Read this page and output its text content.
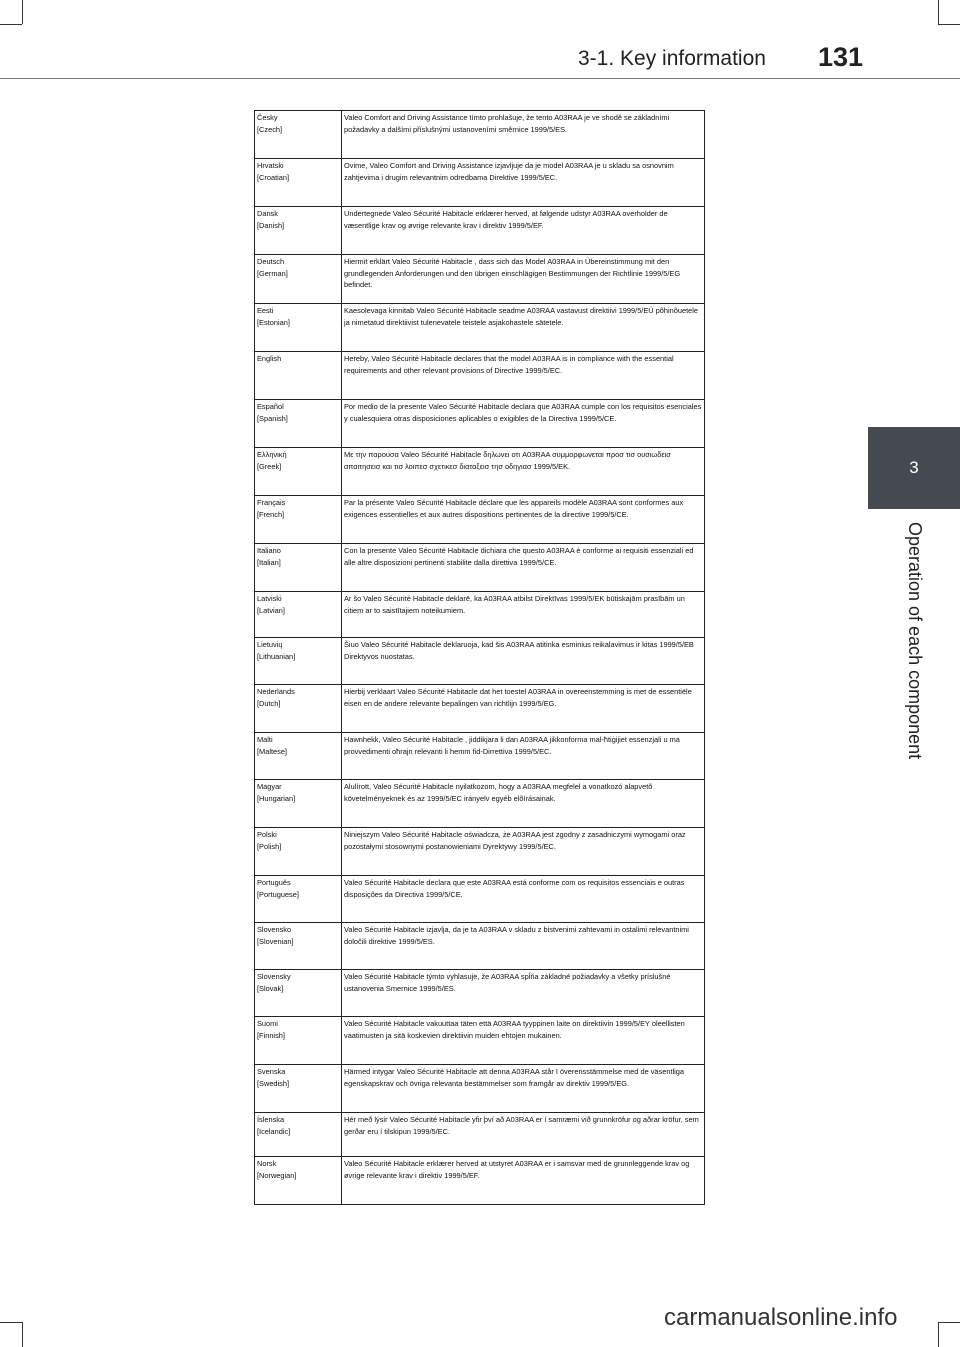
3-1. Key information 131
3
Operation of each component
Česky
[Czech]	Valeo Comfort and Driving Assistance tímto prohlašuje, že tento A03RAA je ve shodě se základními požadavky a dalšími příslušnými ustanoveními směrnice 1999/5/ES.

Hrvatski
[Croatian]	Ovime, Valeo Comfort and Driving Assistance izjavljuje da je model A03RAA je u skladu sa osnovnim zahtjevima i drugim relevantnim odredbama Direktive 1999/5/EC.

Dansk
[Danish]	Undertegnede Valeo Sécurité Habitacle erklærer herved, at følgende udstyr A03RAA overholder de væsentlige krav og øvrige relevante krav i direktiv 1999/5/EF.

Deutsch
[German]	Hiermit erklärt Valeo Sécurité Habitacle , dass sich das Model A03RAA in Übereinstimmung mit den grundlegenden Anforderungen und den übrigen einschlägigen Bestimmungen der Richtlinie 1999/5/EG befindet.

Eesti
[Estonian]	Kaesolevaga kinnitab Valeo Sécurité Habitacle seadme A03RAA vastavust direktiivi 1999/5/EÜ põhinõuetele ja nimetatud direktiivist tulenevatele teistele asjakohastele sätetele.

English	Hereby, Valeo Sécurité Habitacle declares that the model A03RAA is in compliance with the essential requirements and other relevant provisions of Directive 1999/5/EC.

Español
[Spanish]	Por medio de la presente Valeo Sécurité Habitacle declara que A03RAA cumple con los requisitos esenciales y cualesquiera otras disposiciones aplicables o exigibles de la Directiva 1999/5/CE.

Ελληνική
[Greek]	Με την παρουσα Valeo Sécurité Habitacle δηλωνει οτι A03RAA συμμορφωνεται προσ τισ ουσιωδεισ απαιτησεισ και τισ λοιπεσ σχετικεσ διαταξεισ τησ οδηγιασ 1999/5/ΕΚ.

Français
[French]	Par la présente Valeo Sécurité Habitacle déclare que les appareils modèle A03RAA sont conformes aux exigences essentielles et aux autres dispositions pertinentes de la directive 1999/5/CE.

Italiano
[Italian]	Con la presente Valeo Sécurité Habitacle dichiara che questo A03RAA è conforme ai requisiti essenziali ed alle altre disposizioni pertinenti stabilite dalla direttiva 1999/5/CE.

Latviski
[Latvian]	Ar šo Valeo Sécurité Habitacle deklarē, ka A03RAA atbilst Direktīvas 1999/5/EK būtiskajām prasībām un citiem ar to saistītajiem noteikumiem.

Lietuvių
[Lithuanian]	Šiuo Valeo Sécurité Habitacle deklaruoja, kad šis A03RAA atitinka esminius reikalavimus ir kitas 1999/5/EB Direktyvos nuostatas.

Nederlands
[Dutch]	Hierbij verklaart Valeo Sécurité Habitacle dat het toestel A03RAA in overeenstemming is met de essentiële eisen en de andere relevante bepalingen van richtlijn 1999/5/EG.

Malti
[Maltese]	Hawnhekk, Valeo Sécurité Habitacle , jiddikjara li dan A03RAA jikkonforma mal-ħtiġijiet essenzjali u ma provvedimenti oħrajn relevanti li hemm fid-Dirrettiva 1999/5/EC.

Magyar
[Hungarian]	Alulírott, Valeo Sécurité Habitacle nyilatkozom, hogy a A03RAA megfelel a vonatkozó alapvetõ követelményeknek és az 1999/5/EC irányelv egyéb elõírásainak.

Polski
[Polish]	Niniejszym Valeo Sécurité Habitacle oświadcza, że A03RAA jest zgodny z zasadniczymi wymogami oraz pozostałymi stosownymi postanowieniami Dyrektywy 1999/5/EC.

Português
[Portuguese]	Valeo Sécurité Habitacle declara que este A03RAA está conforme com os requisitos essenciais e outras disposições da Directiva 1999/5/CE.

Slovensko
[Slovenian]	Valeo Sécurité Habitacle izjavlja, da je ta A03RAA v skladu z bistvenimi zahtevami in ostalimi relevantnimi določili direktive 1999/5/ES.

Slovensky
[Slovak]	Valeo Sécurité Habitacle týmto vyhlasuje, že A03RAA spĺňa základné požiadavky a všetky príslušné ustanovenia Smernice 1999/5/ES.

Suomi
[Finnish]	Valeo Sécurité Habitacle vakuuttaa täten että A03RAA tyyppinen laite on direktiivin 1999/5/EY oleellisten vaatimusten ja sitä koskevien direktiivin muiden ehtojen mukainen.

Svenska
[Swedish]	Härmed intygar Valeo Sécurité Habitacle att denna A03RAA står I överensstämmelse med de väsentliga egenskapskrav och övriga relevanta bestämmelser som framgår av direktiv 1999/5/EG.

Íslenska
[Icelandic]	Hér með lýsir Valeo Sécurité Habitacle yfir því að A03RAA er í samræmi við grunnkröfur og aðrar kröfur, sem gerðar eru í tilskipun 1999/5/EC.

Norsk
[Norwegian]	Valeo Sécurité Habitacle erklærer herved at utstyret A03RAA er i samsvar med de grunnleggende krav og øvrige relevante krav i direktiv 1999/5/EF.
carmanualsonline.info
